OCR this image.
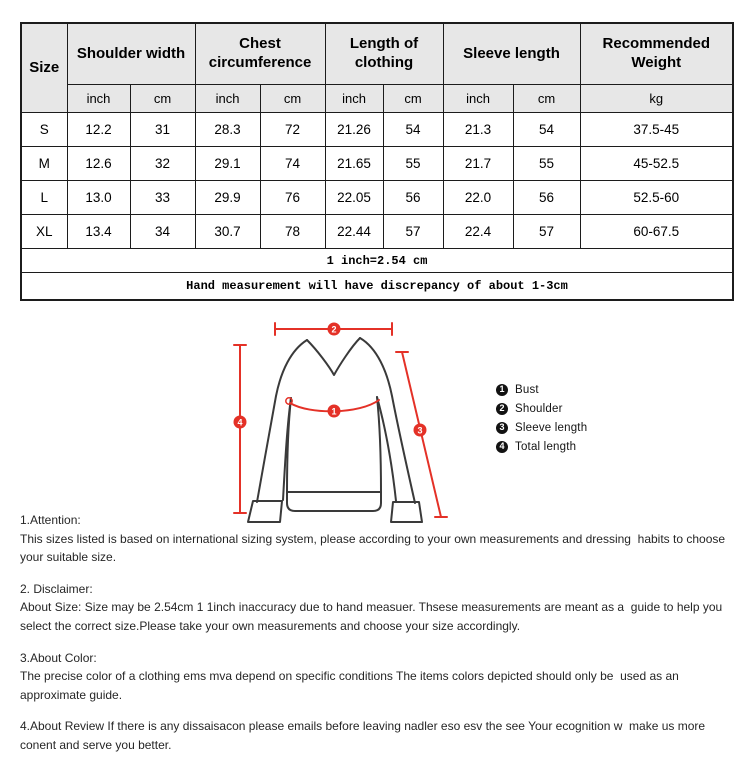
Size	Shoulder width		Chest circumference		Length of clothing		Sleeve length		Recommended Weight
	inch	cm	inch	cm	inch	cm	inch	cm	kg
S	12.2	31	28.3	72	21.26	54	21.3	54	37.5-45
M	12.6	32	29.1	74	21.65	55	21.7	55	45-52.5
L	13.0	33	29.9	76	22.05	56	22.0	56	52.5-60
XL	13.4	34	30.7	78	22.44	57	22.4	57	60-67.5
1 inch=2.54 cm									
Hand measurement will have discrepancy of about 1-3cm									
2
4
3
1
1 Bust
2 Shoulder
3 Sleeve length
4 Total length
1.Attention:
This sizes listed is based on international sizing system, please according to your own measurements and dressing  habits to choose your suitable size.
2. Disclaimer:
About Size: Size may be 2.54cm 1 1inch inaccuracy due to hand measuer. Thsese measurements are meant as a  guide to help you select the correct size.Please take your own measurements and choose your size accordingly.
3.About Color:
The precise color of a clothing ems mva depend on specific conditions The items colors depicted should only be  used as an approximate guide.
4.About Review If there is any dissaisacon please emails before leaving nadler eso esv the see Your ecognition w  make us more conent and serve you better.
